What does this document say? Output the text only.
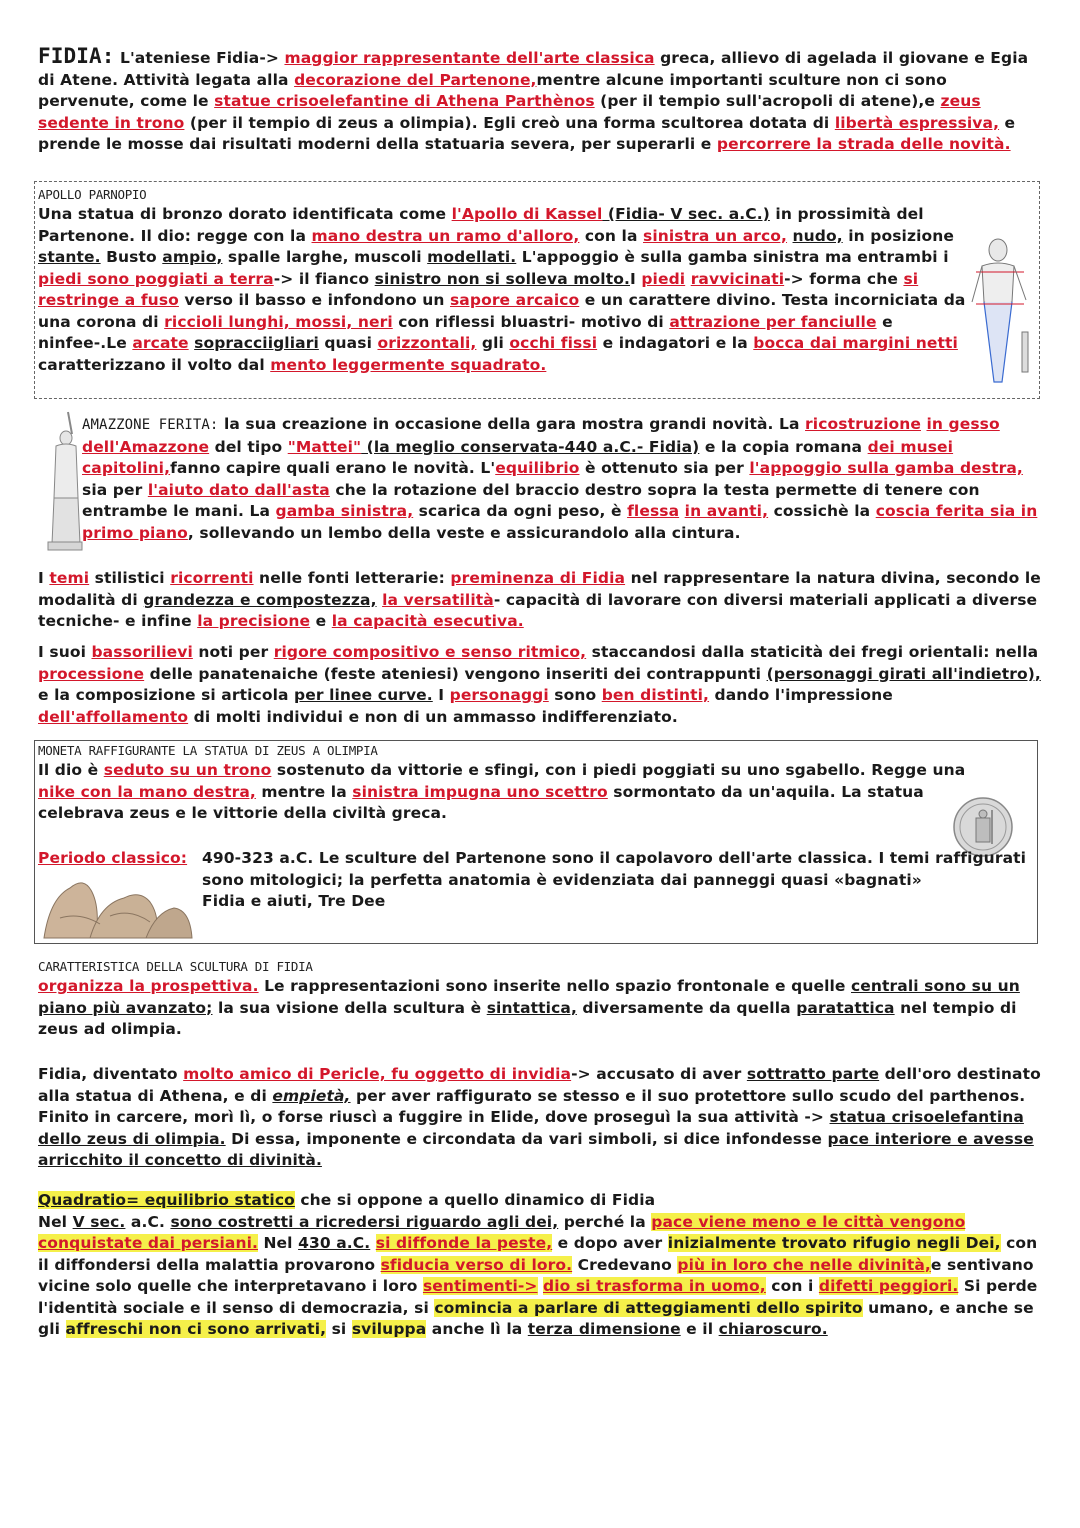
FIDIA: L'ateniese Fidia-> maggior rappresentante dell'arte classica greca, allievo di agelada il giovane e Egia di Atene. Attività legata alla decorazione del Partenone,mentre alcune importanti sculture non ci sono pervenute, come le statue crisoelefantine di Athena Parthènos (per il tempio sull'acropoli di atene),e zeus sedente in trono (per il tempio di zeus a olimpia). Egli creò una forma scultorea dotata di libertà espressiva, e prende le mosse dai risultati moderni della statuaria severa, per superarli e percorrere la strada delle novità.
APOLLO PARNOPIO
Una statua di bronzo dorato identificata come l'Apollo di Kassel (Fidia- V sec. a.C.) in prossimità del Partenone. Il dio: regge con la mano destra un ramo d'alloro, con la sinistra un arco, nudo, in posizione stante. Busto ampio, spalle larghe, muscoli modellati. L'appoggio è sulla gamba sinistra ma entrambi i piedi sono poggiati a terra-> il fianco sinistro non si solleva molto.I piedi ravvicinati-> forma che si restringe a fuso verso il basso e infondono un sapore arcaico e un carattere divino. Testa incorniciata da una corona di riccioli lunghi, mossi, neri con riflessi bluastri- motivo di attrazione per fanciulle e ninfee-.Le arcate sopracciigliari quasi orizzontali, gli occhi fissi e indagatori e la bocca dai margini netti caratterizzano il volto dal mento leggermente squadrato.
AMAZZONE FERITA: la sua creazione in occasione della gara mostra grandi novità. La ricostruzione in gesso dell'Amazzone del tipo "Mattei" (la meglio conservata-440 a.C.- Fidia) e la copia romana dei musei capitolini,fanno capire quali erano le novità. L'equilibrio è ottenuto sia per l'appoggio sulla gamba destra, sia per l'aiuto dato dall'asta che la rotazione del braccio destro sopra la testa permette di tenere con entrambe le mani. La gamba sinistra, scarica da ogni peso, è flessa in avanti, cossichè la coscia ferita sia in primo piano, sollevando un lembo della veste e assicurandolo alla cintura.
I temi stilistici ricorrenti nelle fonti letterarie: preminenza di Fidia nel rappresentare la natura divina, secondo le modalità di grandezza e compostezza, la versatilità- capacità di lavorare con diversi materiali applicati a diverse tecniche- e infine la precisione e la capacità esecutiva.
I suoi bassorilievi noti per rigore compositivo e senso ritmico, staccandosi dalla staticità dei fregi orientali: nella processione delle panatenaiche (feste ateniesi) vengono inseriti dei contrappunti (personaggi girati all'indietro), e la composizione si articola per linee curve. I personaggi sono ben distinti, dando l'impressione dell'affollamento di molti individui e non di un ammasso indifferenziato.
MONETA RAFFIGURANTE LA STATUA DI ZEUS A OLIMPIA
Il dio è seduto su un trono sostenuto da vittorie e sfingi, con i piedi poggiati su uno sgabello. Regge una nike con la mano destra, mentre la sinistra impugna uno scettro sormontato da un'aquila. La statua celebrava zeus e le vittorie della civiltà greca.
Periodo classico: 490-323 a.C. Le sculture del Partenone sono il capolavoro dell'arte classica. I temi raffigurati sono mitologici; la perfetta anatomia è evidenziata dai panneggi quasi «bagnati»
Fidia e aiuti, Tre Dee
CARATTERISTICA DELLA SCULTURA DI FIDIA
organizza la prospettiva. Le rappresentazioni sono inserite nello spazio frontonale e quelle centrali sono su un piano più avanzato; la sua visione della scultura è sintattica, diversamente da quella paratattica nel tempio di zeus ad olimpia.
Fidia, diventato molto amico di Pericle, fu oggetto di invidia-> accusato di aver sottratto parte dell'oro destinato alla statua di Athena, e di empietà, per aver raffigurato se stesso e il suo protettore sullo scudo del parthenos. Finito in carcere, morì lì, o forse riuscì a fuggire in Elide, dove proseguì la sua attività -> statua crisoelefantina dello zeus di olimpia. Di essa, imponente e circondata da vari simboli, si dice infondesse pace interiore e avesse arricchito il concetto di divinità.
Quadratio= equilibrio statico che si oppone a quello dinamico di Fidia
Nel V sec. a.C. sono costretti a ricredersi riguardo agli dei, perché la pace viene meno e le città vengono conquistate dai persiani. Nel 430 a.C. si diffonde la peste, e dopo aver inizialmente trovato rifugio negli Dei, con il diffondersi della malattia provarono sfiducia verso di loro. Credevano più in loro che nelle divinità,e sentivano vicine solo quelle che interpretavano i loro sentimenti-> dio si trasforma in uomo, con i difetti peggiori. Si perde l'identità sociale e il senso di democrazia, si comincia a parlare di atteggiamenti dello spirito umano, e anche se gli affreschi non ci sono arrivati, si sviluppa anche lì la terza dimensione e il chiaroscuro.
